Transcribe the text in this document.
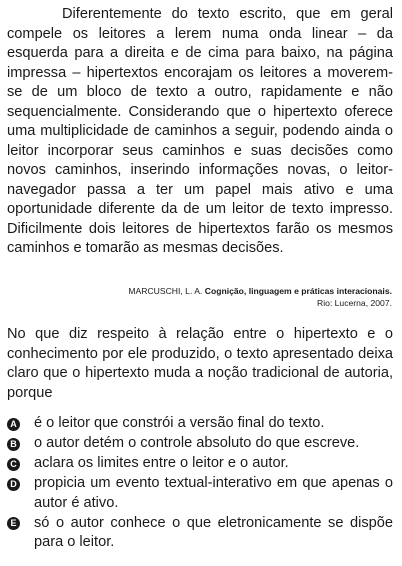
Diferentemente do texto escrito, que em geral compele os leitores a lerem numa onda linear – da esquerda para a direita e de cima para baixo, na página impressa – hipertextos encorajam os leitores a moverem-se de um bloco de texto a outro, rapidamente e não sequencialmente. Considerando que o hipertexto oferece uma multiplicidade de caminhos a seguir, podendo ainda o leitor incorporar seus caminhos e suas decisões como novos caminhos, inserindo informações novas, o leitor-navegador passa a ter um papel mais ativo e uma oportunidade diferente da de um leitor de texto impresso. Dificilmente dois leitores de hipertextos farão os mesmos caminhos e tomarão as mesmas decisões.

MARCUSCHI, L. A. Cognição, linguagem e práticas interacionais.
Rio: Lucerna, 2007.

No que diz respeito à relação entre o hipertexto e o conhecimento por ele produzido, o texto apresentado deixa claro que o hipertexto muda a noção tradicional de autoria, porque

A é o leitor que constrói a versão final do texto.
B o autor detém o controle absoluto do que escreve.
C aclara os limites entre o leitor e o autor.
D propicia um evento textual-interativo em que apenas o autor é ativo.
E só o autor conhece o que eletronicamente se dispõe para o leitor.
